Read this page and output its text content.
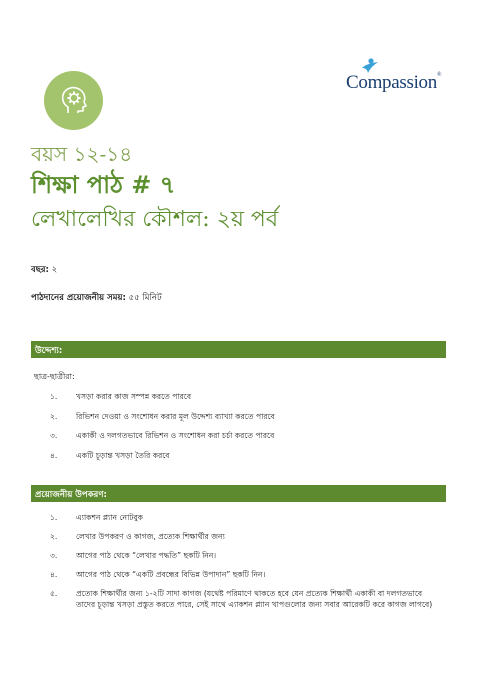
Compassion®
বয়স ১২-১৪
শিক্ষা পাঠ # ৭
লেখালেখির কৌশল: ২য় পর্ব
বছর: ২
পাঠদানের প্রয়োজনীয় সময়: ৫৫ মিনিট
উদ্দেশ্য:
ছাত্র-ছাত্রীরা:
১.	খসড়া করার কাজ সম্পন্ন করতে পারবে
২.	রিভিশন দেওয়া ও সংশোধন করার মূল উদ্দেশ্য ব্যাখ্যা করতে পারবে
৩.	একাকী ও দলগতভাবে রিভিশন ও সংশোধন করা চর্চা করতে পারবে
৪.	একটি চূড়ান্ত খসড়া তৈরি করবে
প্রয়োজনীয় উপকরণ:
১.	এ্যাকশন প্ল্যান নোটবুক
২.	লেখার উপকরণ ও কাগজ, প্রত্যেক শিক্ষার্থীর জন্য
৩.	আগের পাঠ থেকে “লেখার পদ্ধতি” ছকটি নিন।
৪.	আগের পাঠ থেকে “একটি প্রবন্ধের বিভিন্ন উপাদান” ছকটি নিন।
৫.	প্রত্যেক শিক্ষার্থীর জন্য ১-২টি সাদা কাগজ (যথেষ্ট পরিমাণে থাকতে হবে যেন প্রত্যেক শিক্ষার্থী একাকী বা দলগতভাবে তাদের চূড়ান্ত খসড়া প্রস্তুত করতে পারে, সেই সাথে এ্যাকশন প্ল্যান খাপগুলোর জন্য সবার আরেকটি করে কাগজ লাগবে)
